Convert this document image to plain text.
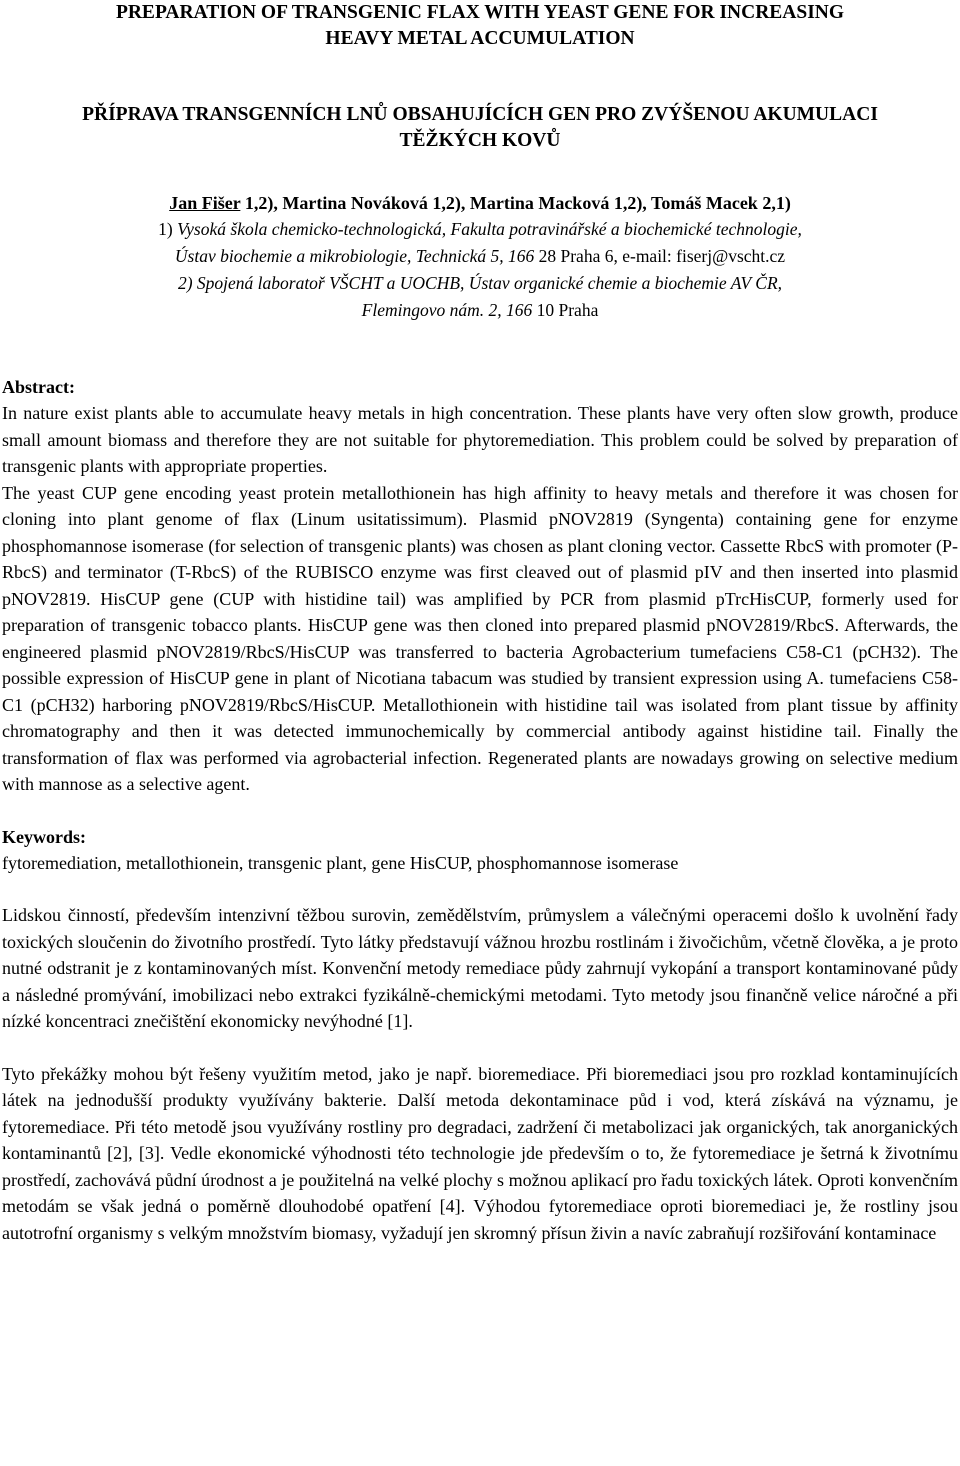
PREPARATION OF TRANSGENIC FLAX WITH YEAST GENE FOR INCREASING
HEAVY METAL ACCUMULATION
PŘÍPRAVA TRANSGENNÍCH LNŮ OBSAHUJÍCÍCH GEN PRO ZVÝŠENOU AKUMULACI
TĚŽKÝCH KOVŮ
Jan Fišer 1,2), Martina Nováková 1,2), Martina Macková 1,2), Tomáš Macek 2,1)

1) Vysoká škola chemicko-technologická, Fakulta potravinářské a biochemické technologie,

Ústav biochemie a mikrobiologie, Technická 5, 166 28 Praha 6, e-mail: fiserj@vscht.cz

2) Spojená laboratoř VŠCHT a UOCHB, Ústav organické chemie a biochemie AV ČR,

Flemingovo nám. 2, 166 10 Praha

Abstract:

In nature exist plants able to accumulate heavy metals in high concentration. These plants have very often slow growth, produce small amount biomass and therefore they are not suitable for phytoremediation. This problem could be solved by preparation of transgenic plants with appropriate properties.

The yeast CUP gene encoding yeast protein metallothionein has high affinity to heavy metals and therefore it was chosen for cloning into plant genome of flax (Linum usitatissimum). Plasmid pNOV2819 (Syngenta) containing gene for enzyme phosphomannose isomerase (for selection of transgenic plants) was chosen as plant cloning vector. Cassette RbcS with promoter (P-RbcS) and terminator (T-RbcS) of the RUBISCO enzyme was first cleaved out of plasmid pIV and then inserted into plasmid pNOV2819. HisCUP gene (CUP with histidine tail) was amplified by PCR from plasmid pTrcHisCUP, formerly used for preparation of transgenic tobacco plants. HisCUP gene was then cloned into prepared plasmid pNOV2819/RbcS. Afterwards, the engineered plasmid pNOV2819/RbcS/HisCUP was transferred to bacteria Agrobacterium tumefaciens C58-C1 (pCH32). The possible expression of HisCUP gene in plant of Nicotiana tabacum was studied by transient expression using A. tumefaciens C58-C1 (pCH32) harboring pNOV2819/RbcS/HisCUP. Metallothionein with histidine tail was isolated from plant tissue by affinity chromatography and then it was detected immunochemically by commercial antibody against histidine tail. Finally the transformation of flax was performed via agrobacterial infection. Regenerated plants are nowadays growing on selective medium with mannose as a selective agent.

Keywords:

fytoremediation, metallothionein, transgenic plant, gene HisCUP, phosphomannose isomerase

Lidskou činností, především intenzivní těžbou surovin, zemědělstvím, průmyslem a válečnými operacemi došlo k uvolnění řady toxických sloučenin do životního prostředí. Tyto látky představují vážnou hrozbu rostlinám i živočichům, včetně člověka, a je proto nutné odstranit je z kontaminovaných míst. Konvenční metody remediace půdy zahrnují vykopání a transport kontaminované půdy a následné promývání, imobilizaci nebo extrakci fyzikálně-chemickými metodami. Tyto metody jsou finančně velice náročné a při nízké koncentraci znečištění ekonomicky nevýhodné [1].

Tyto překážky mohou být řešeny využitím metod, jako je např. bioremediace. Při bioremediaci jsou pro rozklad kontaminujících látek na jednodušší produkty využívány bakterie. Další metoda dekontaminace půd i vod, která získává na významu, je fytoremediace. Při této metodě jsou využívány rostliny pro degradaci, zadržení či metabolizaci jak organických, tak anorganických kontaminantů [2], [3]. Vedle ekonomické výhodnosti této technologie jde především o to, že fytoremediace je šetrná k životnímu prostředí, zachovává půdní úrodnost a je použitelná na velké plochy s možnou aplikací pro řadu toxických látek. Oproti konvenčním metodám se však jedná o poměrně dlouhodobé opatření [4]. Výhodou fytoremediace oproti bioremediaci je, že rostliny jsou autotrofní organismy s velkým množstvím biomasy, vyžadují jen skromný přísun živin a navíc zabraňují rozšiřování kontaminace
